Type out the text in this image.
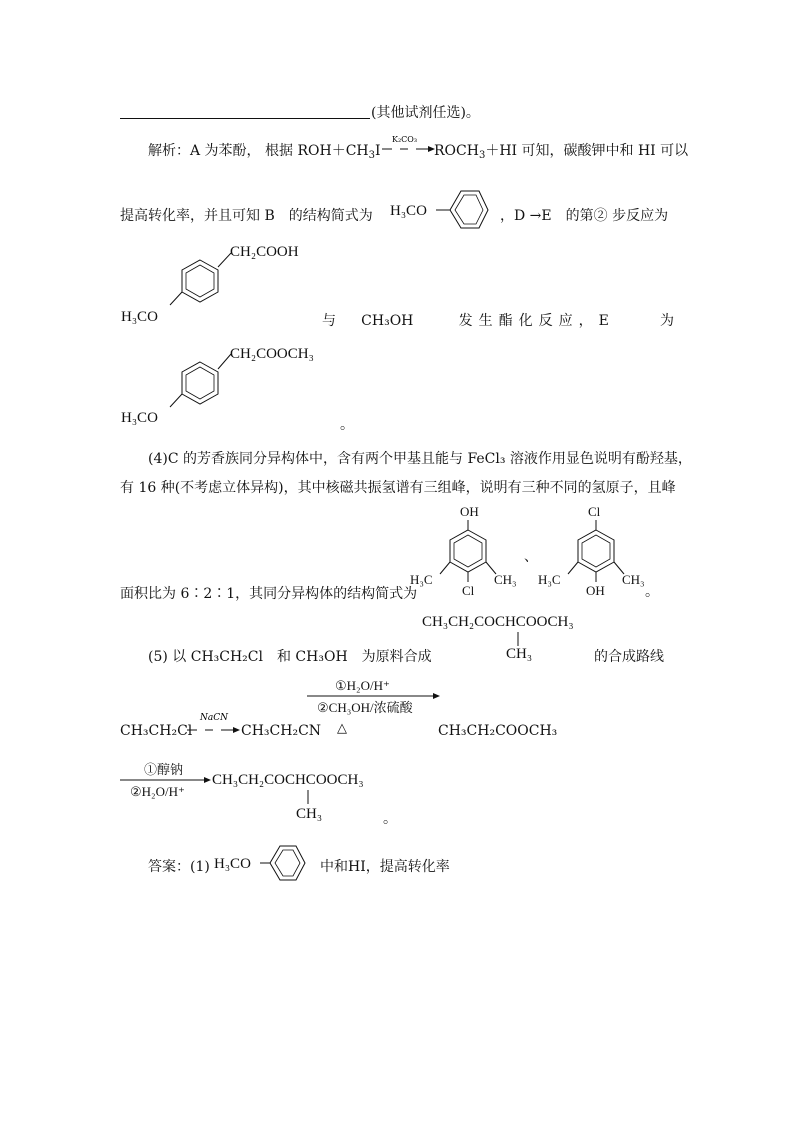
(其他试剂任选)。
解析：A 为苯酚， 根据 $ROH+CH_3I$
K₂CO₃
$ROCH_3+HI$ 可知，碳酸钾中和 HI 可以
提高转化率，并且可知 B　的结构简式为 H₃CO	，D →E　的第② 步反应为
CH₂COOH
H₃CO	与 CH₃OH	发生酯化反应，E	为
CH₂COOCH₃
H₃CO	。
(4)C 的芳香族同分异构体中，含有两个甲基且能与 FeCl₃ 溶液作用显色说明有酚羟基，
有 16 种(不考虑立体异构)，其中核磁共振氢谱有三组峰，说明有三种不同的氢原子，且峰
OH
Cl
H₃C	CH₃
、
Cl
OH
H₃C	CH₃
面积比为 6∶2∶1，其同分异构体的结构简式为	。
CH₃CH₂COCHCOOCH₃
CH₃
(5) 以 CH₃CH₂Cl　和 CH₃OH　为原料合成	的合成路线
CH₃CH₂Cl
NaCN
CH₃CH₂CN
①H₂O/H⁺
②CH₃OH/浓硫酸
△	CH₃CH₂COOCH₃
①醇钠
②H₂O/H⁺
CH₃CH₂COCHCOOCH₃
CH₃	。
答案：(1) H₃CO	中和HI，提高转化率
